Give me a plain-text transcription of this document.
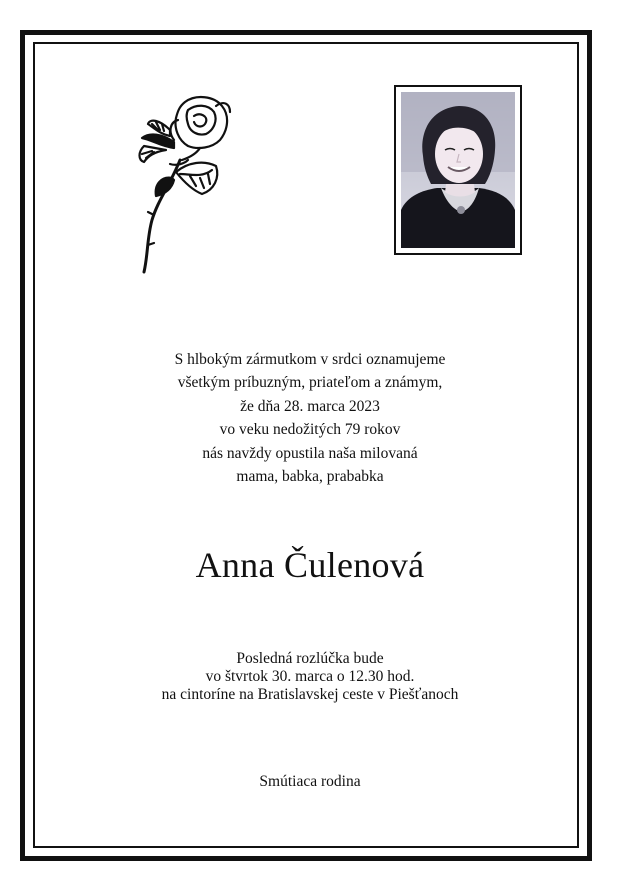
S hlbokým zármutkom v srdci oznamujeme
všetkým príbuzným, priateľom a známym,
že dňa 28. marca 2023
vo veku nedožitých 79 rokov
nás navždy opustila naša milovaná
mama, babka, prababka
Anna Čulenová
Posledná rozlúčka bude
vo štvrtok 30. marca o 12.30 hod.
na cintoríne na Bratislavskej ceste v Piešťanoch
Smútiaca rodina
